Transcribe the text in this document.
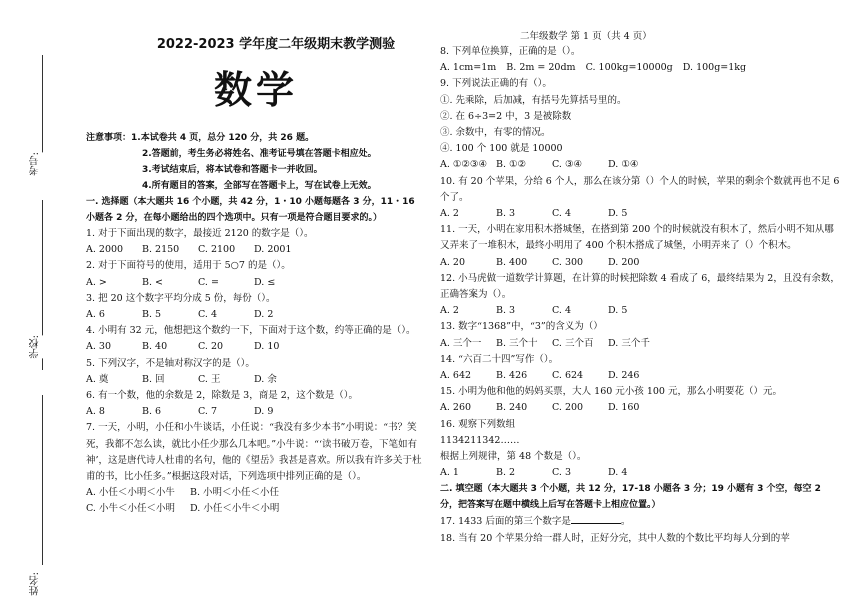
考号:
学校:
姓名:
二年级数学 第 1 页（共 4 页）
2022-2023 学年度二年级期末教学测验
数学

注意事项：1.本试卷共 4 页，总分 120 分，共 26 题。

2.答题前，考生务必将姓名、准考证号填在答题卡相应处。

3.考试结束后，将本试卷和答题卡一并收回。

4.所有题目的答案，全部写在答题卡上，写在试卷上无效。

一. 选择题（本大题共 16 个小题，共 42 分，1・10 小题每题各 3 分，11・16 小题各 2 分，在每小题给出的四个选项中。只有一项是符合题目要求的。）

1. 对于下面出现的数字，最接近 2120 的数字是（）。

A. 2000	B. 2150	C. 2100	D. 2001

2. 对于下面符号的使用，适用于 5○7 的是（）。

A. >	B. <	C. =	D. ≤

3. 把 20 这个数字平均分成 5 份，每份（）。

A. 6	B. 5	C. 4	D. 2

4. 小明有 32 元，他想把这个数约一下，下面对于这个数，约等正确的是（）。

A. 30	B. 40	C. 20	D. 10

5. 下列汉字，不是轴对称汉字的是（）。

A. 奠	B. 回	C. 王	D. 余

6. 有一个数，他的余数是 2，除数是 3，商是 2，这个数是（）。

A. 8	B. 6	C. 7	D. 9

7. 一天，小明，小任和小牛谈话，小任说：“我没有多少本书”小明说：“书？笑死，我都不怎么读，就比小任少那么几本吧。”小牛说：“‘读书破万卷，下笔如有神’，这是唐代诗人杜甫的名句，他的《望岳》我甚是喜欢。所以我有许多关于杜甫的书，比小任多。”根据这段对话，下列选项中排列正确的是（）。

A. 小任＜小明＜小牛	B. 小明＜小任＜小任
C. 小牛＜小任＜小明	D. 小任＜小牛＜小明

8. 下列单位换算，正确的是（）。

A. 1cm=1m B. 2m = 20dm C. 100kg=10000g D. 100g=1kg

9. 下列说法正确的有（）。

①. 先乘除，后加减，有括号先算括号里的。

②. 在 6÷3=2 中，3 是被除数

③. 余数中，有零的情况。

④. 100 个 100 就是 10000

A. ①②③④ B. ①②	C. ③④	D. ①④

10. 有 20 个苹果，分给 6 个人，那么在该分第（）个人的时候，苹果的剩余个数就再也不足 6 个了。

A. 2	B. 3	C. 4	D. 5

11. 一天，小明在家用积木搭城堡，在搭到第 200 个的时候就没有积木了，然后小明不知从哪又弄来了一堆积木，最终小明用了 400 个积木搭成了城堡，小明弄来了（）个积木。

A. 20	B. 400	C. 300	D. 200

12. 小马虎做一道数学计算题，在计算的时候把除数 4 看成了 6，最终结果为 2，且没有余数，正确答案为（）。

A. 2	B. 3	C. 4	D. 5

13. 数字“1368”中，“3”的含义为（）

A. 三个一	B. 三个十	C. 三个百	D. 三个千

14. “六百二十四”写作（）。

A. 642	B. 426	C. 624	D. 246

15. 小明为他和他的妈妈买票，大人 160 元小孩 100 元，那么小明要花（）元。

A. 260	B. 240	C. 200	D. 160

16. 观察下列数组

1134211342……

根据上列规律，第 48 个数是（）。

A. 1	B. 2	C. 3	D. 4

二. 填空题（本大题共 3 个小题，共 12 分，17-18 小题各 3 分；19 小题有 3 个空，每空 2 分，把答案写在题中横线上后写在答题卡上相应位置。）

17. 1433 后面的第三个数字是	。

18. 当有 20 个苹果分给一群人时，正好分完，其中人数的个数比平均每人分到的苹
